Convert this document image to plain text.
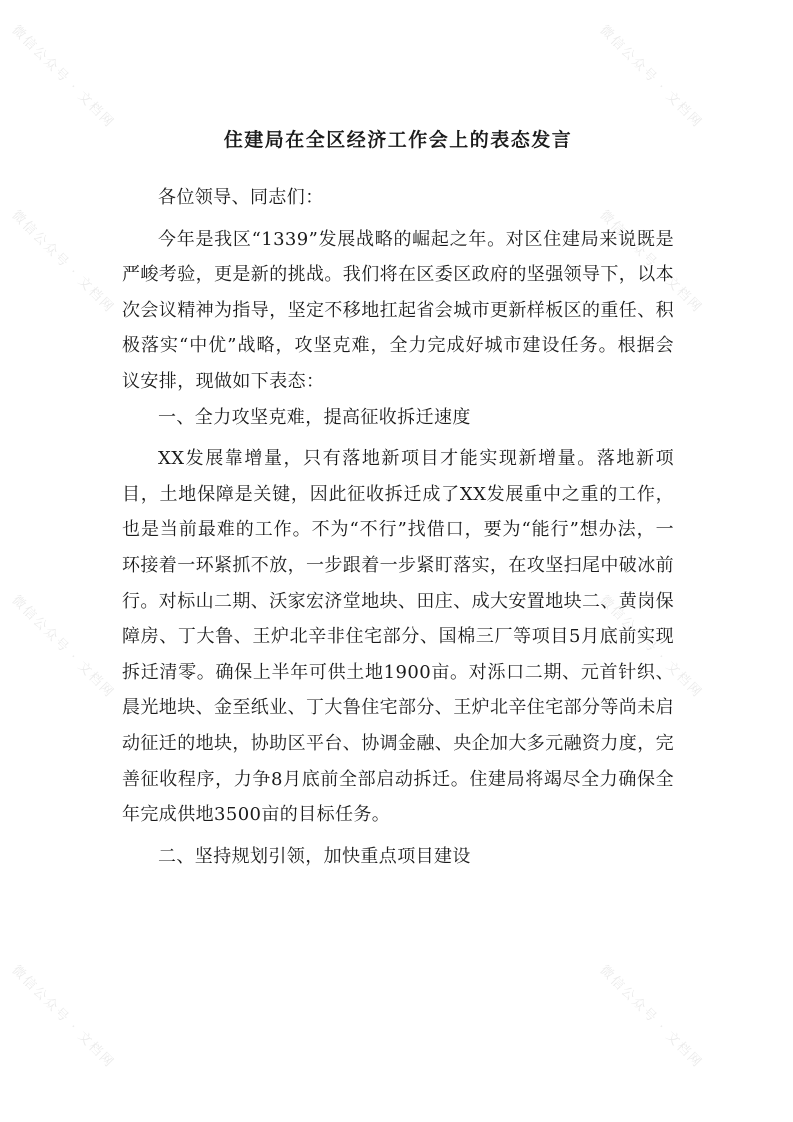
微信公众号 · 文档网	微信公众号 · 文档网
微信公众号 · 文档网	微信公众号 · 文档网
微信公众号 · 文档网	微信公众号 · 文档网
微信公众号 · 文档网	微信公众号 · 文档网
住建局在全区经济工作会上的表态发言

各位领导、同志们：

今年是我区“1339”发展战略的崛起之年。对区住建局来说既是严峻考验，更是新的挑战。我们将在区委区政府的坚强领导下，以本次会议精神为指导，坚定不移地扛起省会城市更新样板区的重任、积极落实“中优”战略，攻坚克难，全力完成好城市建设任务。根据会议安排，现做如下表态：

一、全力攻坚克难，提高征收拆迁速度

XX发展靠增量，只有落地新项目才能实现新增量。落地新项目，土地保障是关键，因此征收拆迁成了XX发展重中之重的工作，也是当前最难的工作。不为“不行”找借口，要为“能行”想办法，一环接着一环紧抓不放，一步跟着一步紧盯落实，在攻坚扫尾中破冰前行。对标山二期、沃家宏济堂地块、田庄、成大安置地块二、黄岗保障房、丁大鲁、王炉北辛非住宅部分、国棉三厂等项目5月底前实现拆迁清零。确保上半年可供土地1900亩。对泺口二期、元首针织、晨光地块、金至纸业、丁大鲁住宅部分、王炉北辛住宅部分等尚未启动征迁的地块，协助区平台、协调金融、央企加大多元融资力度，完善征收程序，力争8月底前全部启动拆迁。住建局将竭尽全力确保全年完成供地3500亩的目标任务。

二、坚持规划引领，加快重点项目建设
